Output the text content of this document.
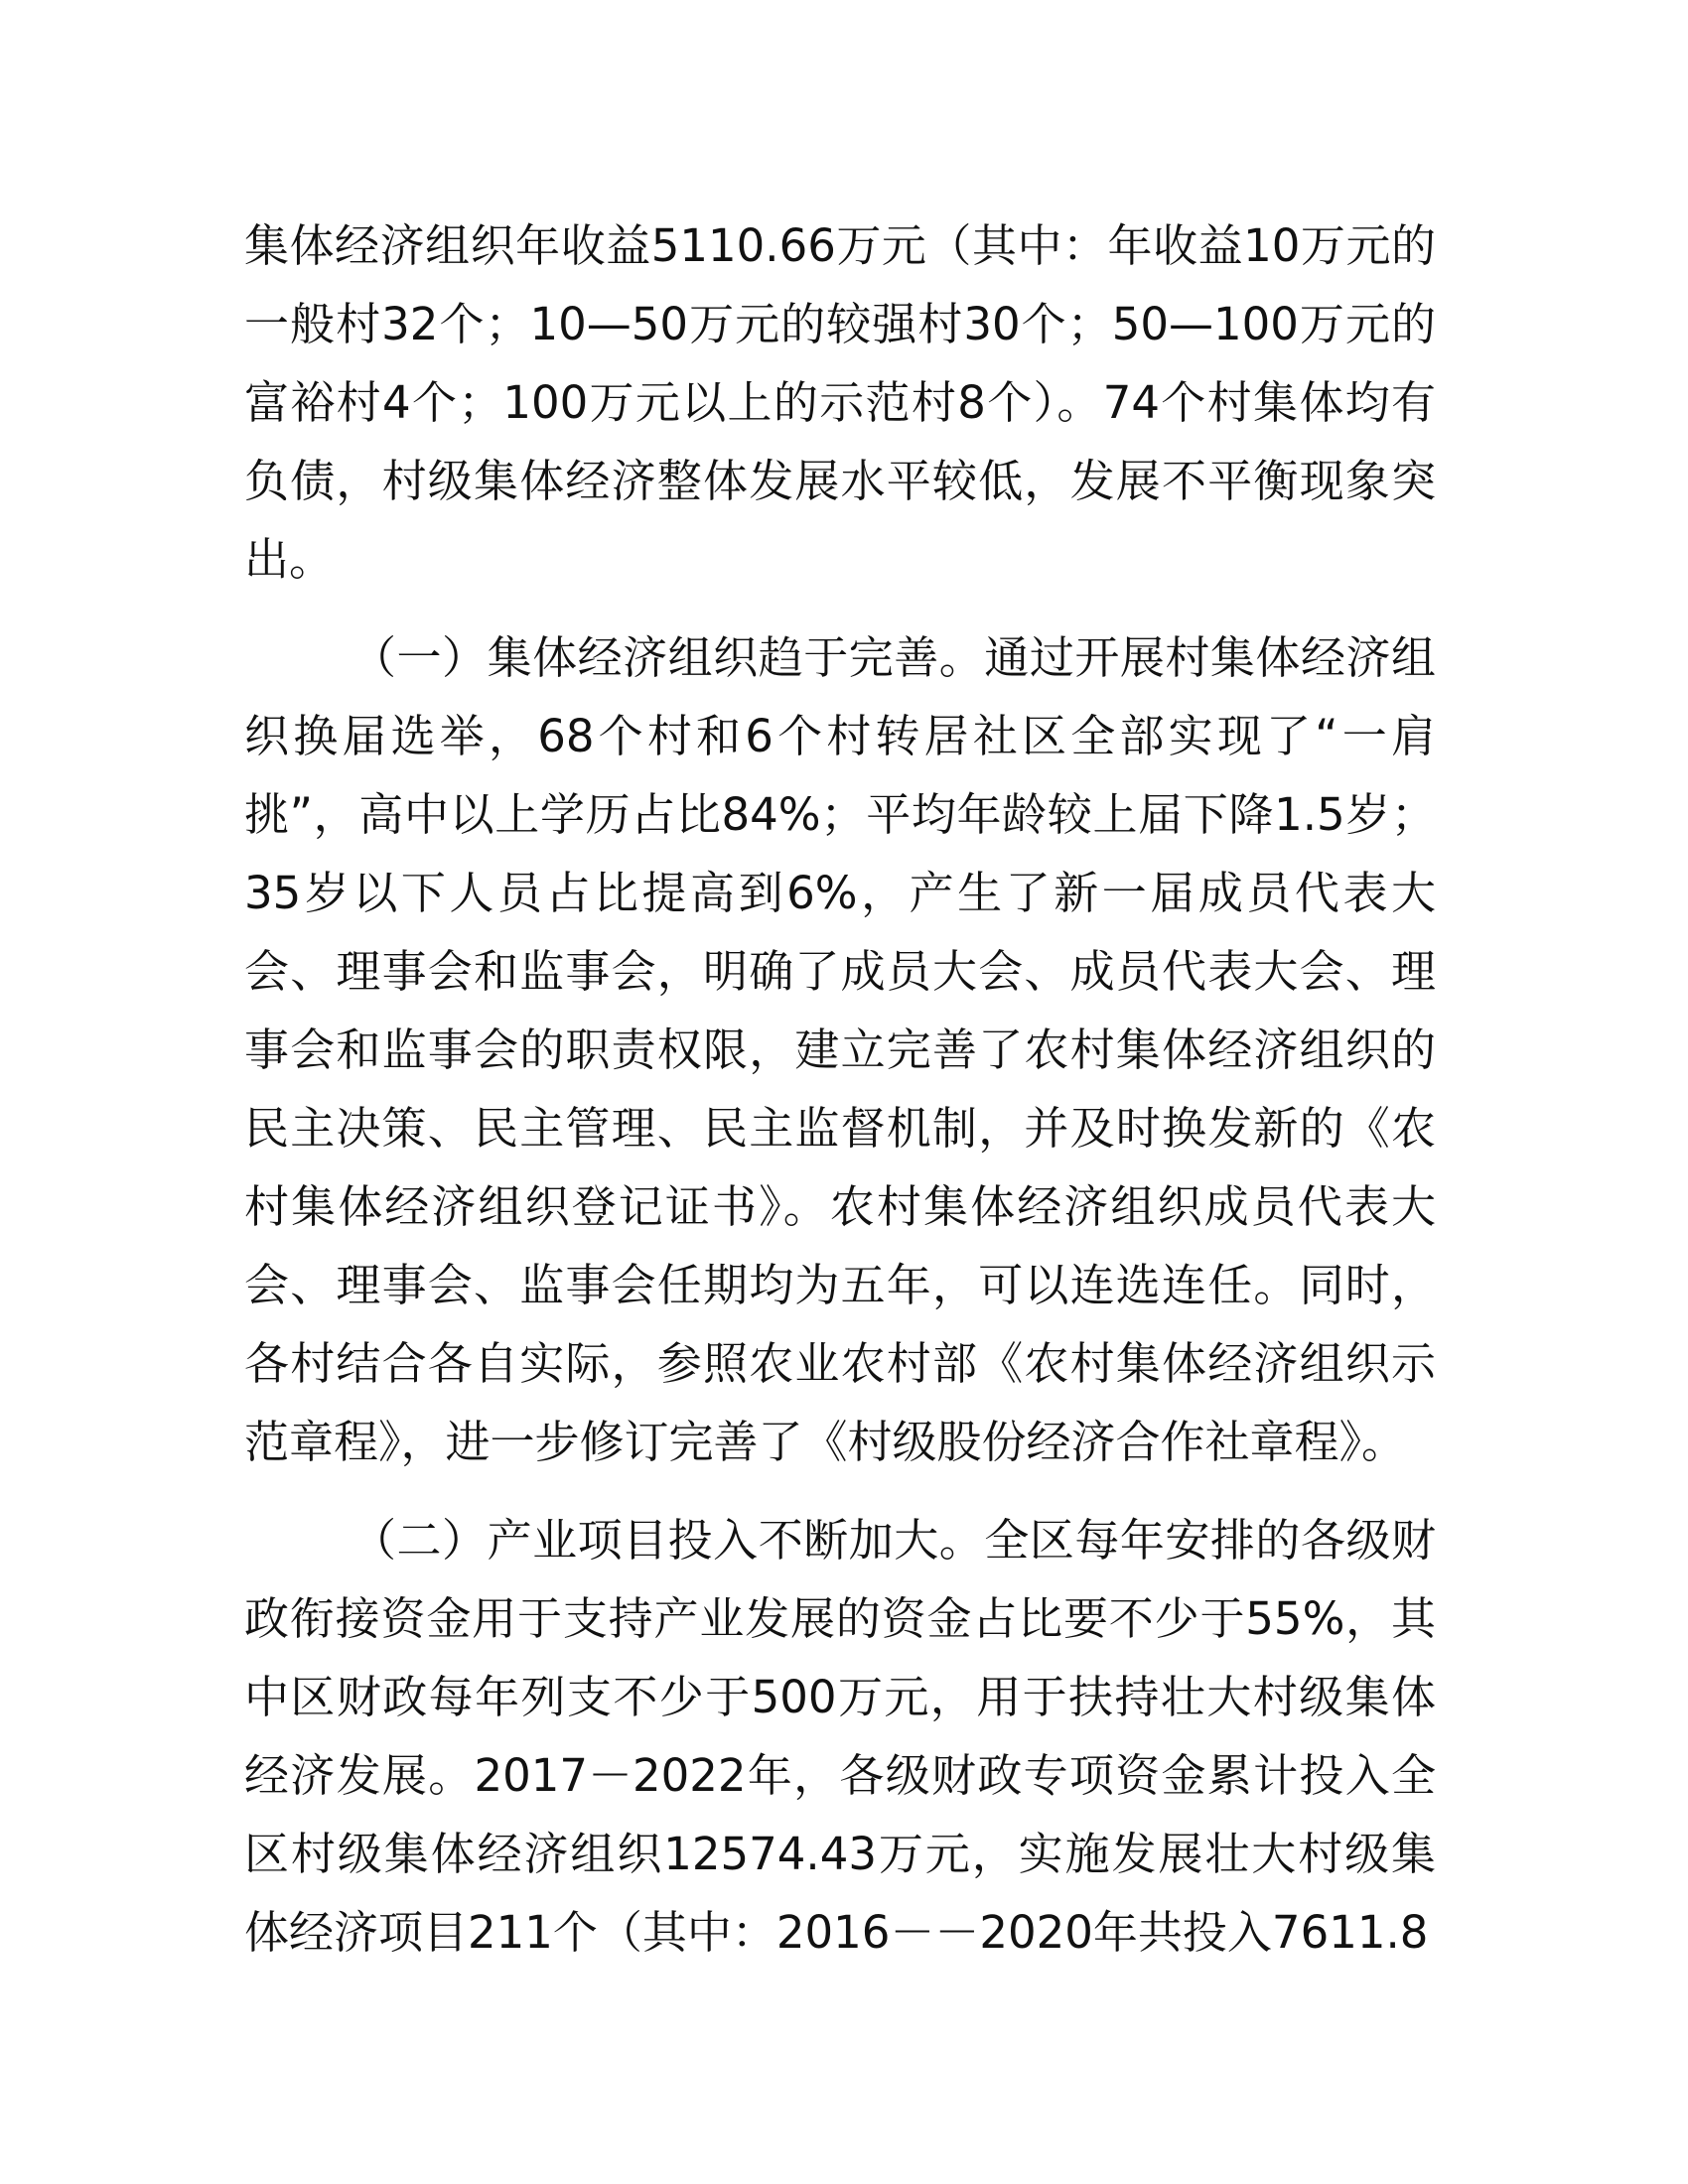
集体经济组织年收益5110.66万元（其中：年收益10万元的一般村32个；10—50万元的较强村30个；50—100万元的富裕村4个；100万元以上的示范村8个）。74个村集体均有负债，村级集体经济整体发展水平较低，发展不平衡现象突出。

（一）集体经济组织趋于完善。通过开展村集体经济组织换届选举，68个村和6个村转居社区全部实现了“一肩挑”，高中以上学历占比84%；平均年龄较上届下降1.5岁；35岁以下人员占比提高到6%，产生了新一届成员代表大会、理事会和监事会，明确了成员大会、成员代表大会、理事会和监事会的职责权限，建立完善了农村集体经济组织的民主决策、民主管理、民主监督机制，并及时换发新的《农村集体经济组织登记证书》。农村集体经济组织成员代表大会、理事会、监事会任期均为五年，可以连选连任。同时，各村结合各自实际，参照农业农村部《农村集体经济组织示范章程》，进一步修订完善了《村级股份经济合作社章程》。

（二）产业项目投入不断加大。全区每年安排的各级财政衔接资金用于支持产业发展的资金占比要不少于55%，其中区财政每年列支不少于500万元，用于扶持壮大村级集体经济发展。2017－2022年，各级财政专项资金累计投入全区村级集体经济组织12574.43万元，实施发展壮大村级集体经济项目211个（其中：2016－－2020年共投入7611.8
